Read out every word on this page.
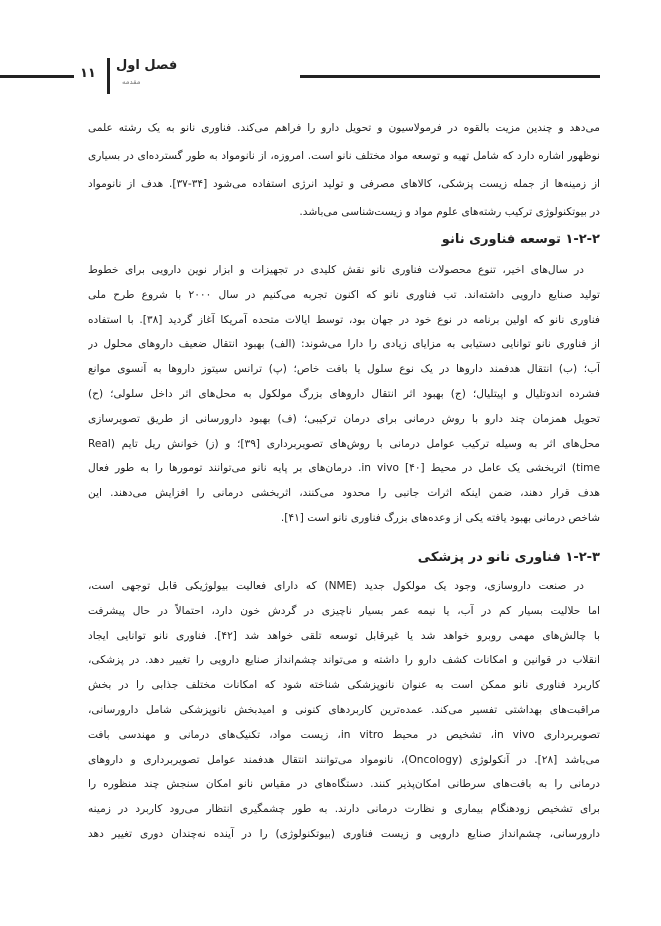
۱۱
فصل اول
مقدمه
می‌دهد و چندین مزیت بالقوه در فرمولاسیون و تحویل دارو را فراهم می‌کند. فناوری نانو به یک رشته علمی
نوظهور اشاره دارد که شامل تهیه و توسعه مواد مختلف نانو است. امروزه، از نانومواد به طور گسترده‌ای در بسیاری
از زمینه‌ها از جمله زیست پزشکی، کالاهای مصرفی و تولید انرژی استفاده می‌شود [۳۴-۳۷]. هدف از نانومواد
در بیوتکنولوژی ترکیب رشته‌های علوم مواد و زیست‌شناسی می‌باشد.
۱-۲-۲ توسعه فناوری نانو
در سال‌های اخیر، تنوع محصولات فناوری نانو نقش کلیدی در تجهیزات و ابزار نوین دارویی برای خطوط
تولید صنایع دارویی داشته‌اند. تب فناوری نانو که اکنون تجربه می‌کنیم در سال ۲۰۰۰ با شروع طرح ملی
فناوری نانو که اولین برنامه در نوع خود در جهان بود، توسط ایالات متحده آمریکا آغاز گردید [۳۸]. با استفاده
از فناوری نانو توانایی دستیابی به مزایای زیادی را دارا می‌شوند: (الف) بهبود انتقال ضعیف داروهای محلول در
آب؛ (ب) انتقال هدفمند داروها در یک نوع سلول یا بافت خاص؛ (پ) ترانس سیتوز داروها به آنسوی موانع
فشرده اندوتلیال و اپیتلیال؛ (ج) بهبود اثر انتقال داروهای بزرگ مولکول به محل‌های اثر داخل سلولی؛ (ح)
تحویل همزمان چند دارو با روش درمانی برای درمان ترکیبی؛ (ف) بهبود دارورسانی از طریق تصویرسازی
محل‌های اثر به وسیله ترکیب عوامل درمانی با روش‌های تصویربرداری [۳۹]؛ و (ز) خوانش ریل تایم (Real
time) اثربخشی یک عامل در محیط in vivo [۴۰]. درمان‌های بر پایه نانو می‌توانند تومورها را به طور فعال
هدف قرار دهند، ضمن اینکه اثرات جانبی را محدود می‌کنند، اثربخشی درمانی را افزایش می‌دهند. این
شاخص درمانی بهبود یافته یکی از وعده‌های بزرگ فناوری نانو است [۴۱].
۱-۲-۳ فناوری نانو در پزشکی
در صنعت داروسازی، وجود یک مولکول جدید (NME) که دارای فعالیت بیولوژیکی قابل توجهی است،
اما حلالیت بسیار کم در آب، یا نیمه عمر بسیار ناچیزی در گردش خون دارد، احتمالاً در حال پیشرفت
با چالش‌های مهمی روبرو خواهد شد یا غیرقابل توسعه تلقی خواهد شد [۴۲]. فناوری نانو توانایی ایجاد
انقلاب در قوانین و امکانات کشف دارو را داشته و می‌تواند چشم‌انداز صنایع دارویی را تغییر دهد. در پزشکی،
کاربرد فناوری نانو ممکن است به عنوان نانوپزشکی شناخته شود که امکانات مختلف جذابی را در بخش
مراقبت‌های بهداشتی تفسیر می‌کند. عمده‌ترین کاربردهای کنونی و امیدبخش نانوپزشکی شامل دارورسانی،
تصویربرداری in vivo، تشخیص در محیط in vitro، زیست مواد، تکنیک‌های درمانی و مهندسی بافت
می‌باشد [۲۸]. در آنکولوژی (Oncology)، نانومواد می‌توانند انتقال هدفمند عوامل تصویربرداری و داروهای
درمانی را به بافت‌های سرطانی امکان‌پذیر کنند. دستگاه‌های در مقیاس نانو امکان سنجش چند منظوره را
برای تشخیص زودهنگام بیماری و نظارت درمانی دارند. به طور چشمگیری انتظار می‌رود کاربرد در زمینه
دارورسانی، چشم‌انداز صنایع دارویی و زیست فناوری (بیوتکنولوژی) را در آینده نه‌چندان دوری تغییر دهد
